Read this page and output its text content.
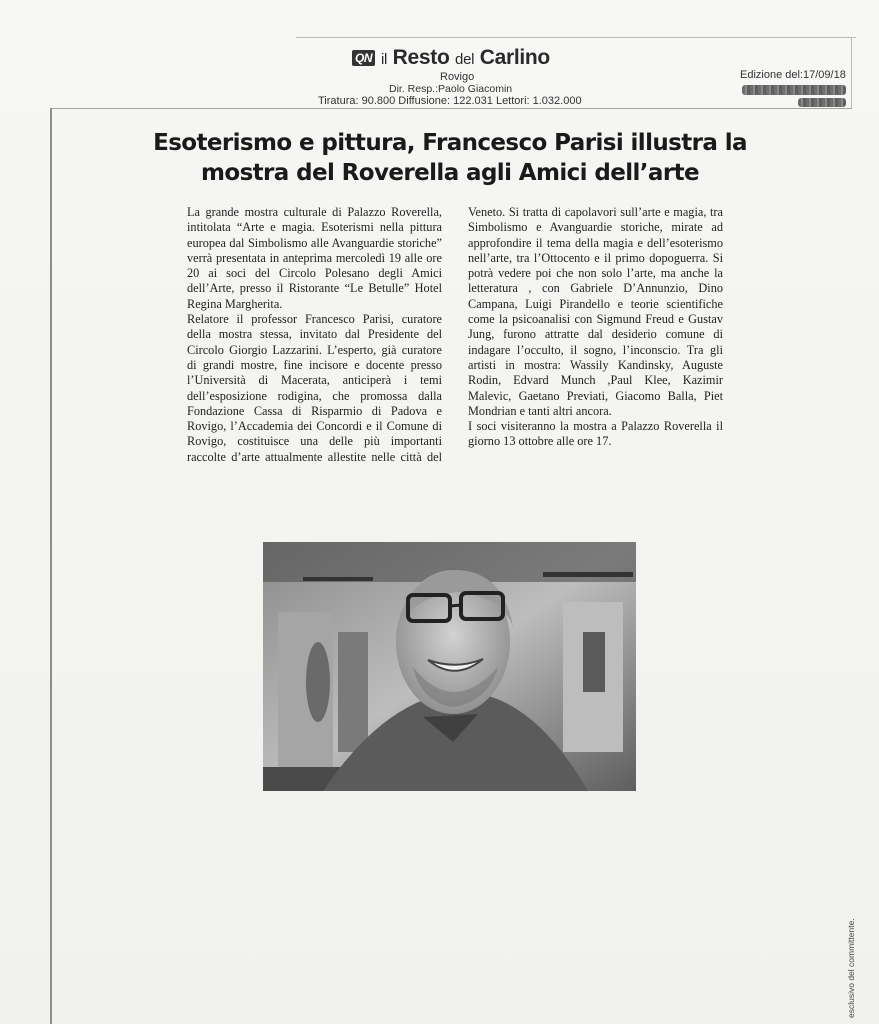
QN il Resto del Carlino
Rovigo
Dir. Resp.:Paolo Giacomin
Tiratura: 90.800 Diffusione: 122.031 Lettori: 1.032.000
Edizione del:17/09/18
Esoterismo e pittura, Francesco Parisi illustra la mostra del Roverella agli Amici dell’arte

La grande mostra culturale di Palazzo Roverella, intitolata “Arte e magia. Esoterismi nella pittura europea dal Simbolismo alle Avanguardie storiche” verrà presentata in anteprima mercoledì 19 alle ore 20 ai soci del Circolo Polesano degli Amici dell’Arte, presso il Ristorante “Le Betulle” Hotel Regina Margherita.

Relatore il professor Francesco Parisi, curatore della mostra stessa, invitato dal Presidente del Circolo Giorgio Lazzarini. L’esperto, già curatore di grandi mostre, fine incisore e docente presso l’Università di Macerata, anticiperà i temi dell’esposizione rodigina, che promossa dalla Fondazione Cassa di Risparmio di Padova e Rovigo, l’Accademia dei Concordi e il Comune di Rovigo, costituisce una delle più importanti raccolte d’arte attualmente allestite nelle città del Veneto. Si tratta di capolavori sull’arte e magia, tra Simbolismo e Avanguardie storiche, mirate ad approfondire il tema della magia e dell’esoterismo nell’arte, tra l’Ottocento e il primo dopoguerra. Si potrà vedere poi che non solo l’arte, ma anche la letteratura , con Gabriele D’Annunzio, Dino Campana, Luigi Pirandello e teorie scientifiche come la psicoanalisi con Sigmund Freud e Gustav Jung, furono attratte dal desiderio comune di indagare l’occulto, il sogno, l’inconscio. Tra gli artisti in mostra: Wassily Kandinsky, Auguste Rodin, Edvard Munch ,Paul Klee, Kazimir Malevic, Gaetano Previati, Giacomo Balla, Piet Mondrian e tanti altri ancora.

I soci visiteranno la mostra a Palazzo Roverella il giorno 13 ottobre alle ore 17.

esclusivo del committente.
